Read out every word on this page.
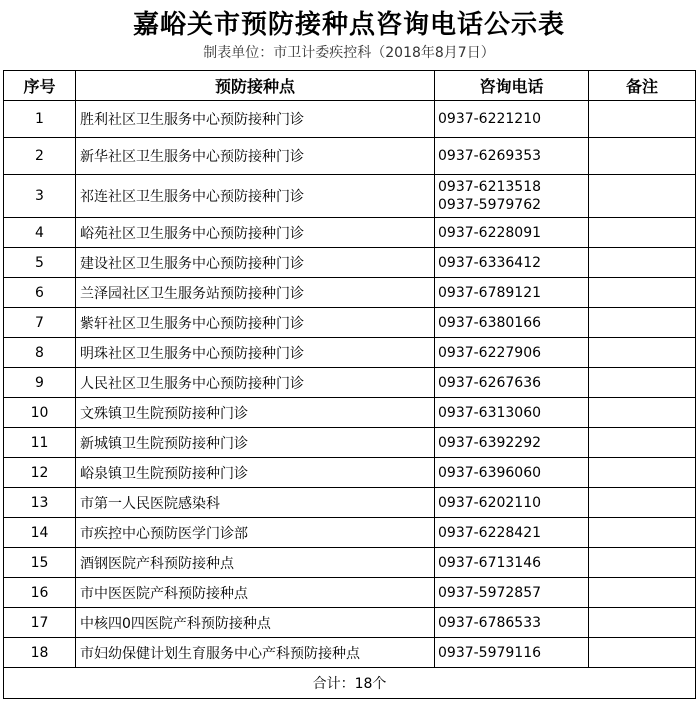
嘉峪关市预防接种点咨询电话公示表
制表单位：市卫计委疾控科（2018年8月7日）
序号	预防接种点	咨询电话	备注
1	胜利社区卫生服务中心预防接种门诊	0937-6221210	

2	新华社区卫生服务中心预防接种门诊	0937-6269353	

3	祁连社区卫生服务中心预防接种门诊	0937-6213518
0937-5979762	

4	峪苑社区卫生服务中心预防接种门诊	0937-6228091	

5	建设社区卫生服务中心预防接种门诊	0937-6336412	

6	兰泽园社区卫生服务站预防接种门诊	0937-6789121	

7	紫轩社区卫生服务中心预防接种门诊	0937-6380166	

8	明珠社区卫生服务中心预防接种门诊	0937-6227906	

9	人民社区卫生服务中心预防接种门诊	0937-6267636	

10	文殊镇卫生院预防接种门诊	0937-6313060	

11	新城镇卫生院预防接种门诊	0937-6392292	

12	峪泉镇卫生院预防接种门诊	0937-6396060	

13	市第一人民医院感染科	0937-6202110	

14	市疾控中心预防医学门诊部	0937-6228421	

15	酒钢医院产科预防接种点	0937-6713146	

16	市中医医院产科预防接种点	0937-5972857	

17	中核四0四医院产科预防接种点	0937-6786533	

18	市妇幼保健计划生育服务中心产科预防接种点	0937-5979116	

合计：18个			
